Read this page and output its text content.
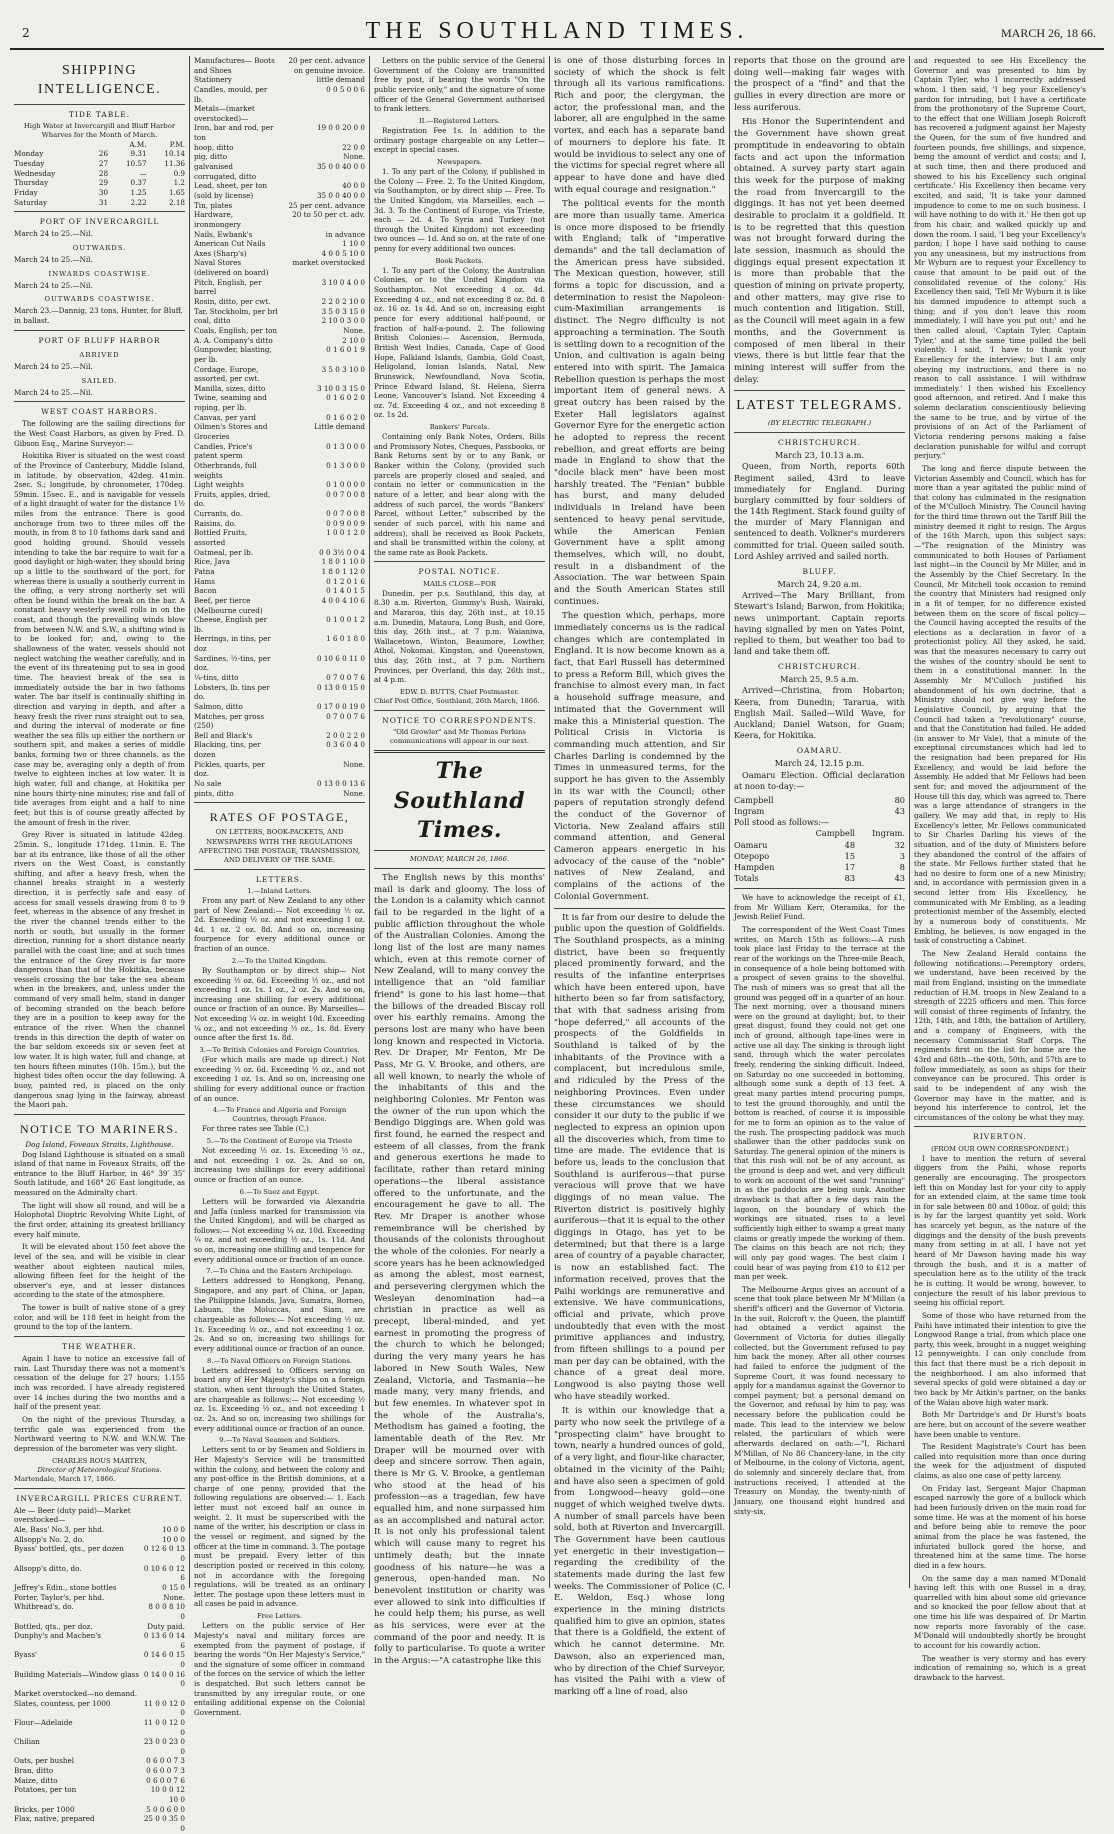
2	THE SOUTHLAND TIMES.	MARCH 26, 18 66.
SHIPPING INTELLIGENCE.
TIDE TABLE.
High Water at Invercargill and Bluff Harbor Wharves for the Month of March.
		A.M.	P.M.
Monday	26	9.31	10.14
Tuesday	27	10.57	11.36
Wednesday	28	—	0.9
Thursday	29	0.37	1.2
Friday	30	1.25	1.65
Saturday	31	2.22	2.18
PORT OF INVERCARGILL
March 24 to 25.—Nil.
OUTWARDS.
March 24 to 25.—Nil.
INWARDS COASTWISE.
March 24 to 25.—Nil.
OUTWARDS COASTWISE.
March 23.—Dannig, 23 tons, Hunter, for Bluff, in ballast.
PORT OF BLUFF HARBOR
ARRIVED
March 24 to 25.—Nil.
SAILED.
March 24 to 25.—Nil.
WEST COAST HARBORS.

The following are the sailing directions for the West Coast Harbors, as given by Fred. D. Gibson Esq., Marine Surveyor:—

Hokitika River is situated on the west coast of the Province of Canterbury, Middle Island, in latitude, by observation, 42deg. 41min. 2sec. S.; longitude, by chronometer, 170deg. 59min. 15sec. E., and is navigable for vessels of a light draught of water for the distance 1½ miles from the entrance. There is good anchorage from two to three miles off the mouth, in from 8 to 10 fathoms dark sand and good holding ground. Should vessels intending to take the bar require to wait for a good daylight or high-water, they should bring up a little to the southward of the port, for whereas there is usually a southerly current in the offing, a very strong northerly set will often be found within the break on the bar. A constant heavy westerly swell rolls in on the coast, and though the prevailing winds blow from between N.W. and S.W., a shifting wind is to be looked for; and, owing to the shallowness of the water, vessels should not neglect watching the weather carefully, and in the event of its threatening put to sea in good time. The heaviest break of the sea is immediately outside the bar in two fathoms water. The bar itself is continually shifting in direction and varying in depth, and after a heavy fresh the river runs straight out to sea, and during the interval of moderate or fine weather the sea fills up either the northern or southern spit, and makes a series of middle banks, forming two or three channels, as the case may be, averaging only a depth of from twelve to eighteen inches at low water. It is high water, full and change, at Hokitika per nine hours thirty-nine minutes; rise and fall of tide averages from eight and a half to nine feet; but this is of course greatly affected by the amount of fresh in the river.

Grey River is situated in latitude 42deg. 25min. S., longitude 171deg. 11min. E. The bar at its entrance, like those of all the other rivers on the West Coast, is constantly shifting, and after a heavy fresh, when the channel breaks straight in a westerly direction, it is perfectly safe and easy of access for small vessels drawing from 8 to 9 feet, whereas in the absence of any freshet in the river the channel trends either to the north or south, but usually in the former direction, running for a short distance nearly parallel with the coast line; and at such times the entrance of the Grey river is far more dangerous than that of the Hokitika, because vessels crossing the bar take the sea abeam when in the breakers, and, unless under the command of very small helm, stand in danger of becoming stranded on the beach before they are in a position to keep away for the entrance of the river. When the channel trends in this direction the depth of water on the bar seldom exceeds six or seven feet at low water. It is high water, full and change, at ten hours fifteen minutes (10h. 15m.), but the highest tides often occur the day following. A buoy, painted red, is placed on the only dangerous snag lying in the fairway, abreast the Maori pah.

NOTICE TO MARINERS.
Dog Island, Foveaux Straits, Lighthouse.

Dog Island Lighthouse is situated on a small island of that name in Foveaux Straits, off the entrance to the Bluff Harbor, in 46° 39′ 35″ South latitude, and 168° 26′ East longitude, as measured on the Admiralty chart.

The light will show all round, and will be a Holophotal Dioptric Revolving White Light, of the first order, attaining its greatest brilliancy every half minute.

It will be elevated about 150 feet above the level of the sea, and will be visible in clear weather about eighteen nautical miles, allowing fifteen feet for the height of the observer's eye, and at lesser distances according to the state of the atmosphere.

The tower is built of native stone of a grey color, and will be 118 feet in height from the ground to the top of the lantern.

THE WEATHER.

Again I have to notice an excessive fall of rain. Last Thursday there was not a moment's cessation of the deluge for 27 hours; 1.155 inch was recorded. I have already registered over 14 inches during the two months and a half of the present year.

On the night of the previous Thursday, a terrific gale was experienced from the Northward veering to N.W. and W.N.W. The depression of the barometer was very slight.

CHARLES ROUS MARTEN,
Director of Meteorological Stations.
Martendale, March 17, 1866.
INVERCARGILL PRICES CURRENT.
Ale — Beer (duty paid)—Market overstocked—	
Ale, Bass' No.3, per hhd.	10 0 0
Allsopp's No. 2, do.	10 0 0
Byass' bottled, qts., per dozen	0 12 6 0 13 0
Allsopp's ditto, do.	0 10 6 0 12 6
Jeffrey's Edin., stone bottles	0 15 0
Porter, Taylor's, per hhd.	None.
Whitbread's, do.	8 0 0 8 10 0
Bottled, qts., per doz.	Duty paid.
Dunphy's and Machen's	0 13 6 0 14 6
Byass'	0 14 6 0 15 0
Building Materials—Window glass	0 14 0 0 16 0
Market overstocked—no demand.	
Slates, countess, per 1000	11 0 0 12 0 0
Flour—Adelaide	11 0 0 12 0 0
Chilian	23 0 0 23 0 0
Oats, per bushel	0 6 0 0 7 3
Bran, ditto	0 6 0 0 7 3
Maize, ditto	0 6 0 0 7 6
Potatoes, per ton	10 0 0 12 10 0
Bricks, per 1000	5 0 0 6 0 0
Flax, native, prepared	25 0 0 35 0 0
Manufactures— Boots and Shoes	20 per cent. advance on genuine invoice.
Stationery	little demand
Candles, mould, per lb.	0 0 5 0 0 6
Metals—(market overstocked)—	
Iron, bar and rod, per ton	19 0 0 20 0 0
hoop, ditto	22 0 0
pig, ditto	None.
galvanised corrugated, ditto	35 0 0 40 0 0
Lead, sheet, per ton	40 0 0
(sold by license)	35 0 0 40 0 0
Tin, plates	25 per cent. advance
Hardware, ironmongery	20 to 50 per ct. adv.
Nails, Ewbank's	in advance
American Cut Nails	1 10 0
Axes (Sharp's)	4 0 0 5 10 0
Naval Stores (delivered on board)	market overstocked
Pitch, English, per barrel	3 10 0 4 0 0
Rosin, ditto, per cwt.	2 2 0 2 10 0
Tar, Stockholm, per brl	3 5 0 3 15 0
coal, ditto	2 10 0 3 0 0
Coals, English, per ton	None.
A. A. Company's ditto	2 10 0
Gunpowder, blasting, per lb.	0 1 6 0 1 9
Cordage, Europe, assorted, per cwt.	3 5 0 3 10 0
Manilla, sizes, ditto	3 10 0 3 15 0
Twine, seaming and roping, per lb.	0 1 6 0 2 0
Canvas, per yard	0 1 6 0 2 0
Oilmen's Stores and Groceries	Little demand
Candles, Price's patent sperm	0 1 3 0 0 0
Otherbrands, full weights	0 1 3 0 0 0
Light weights	0 1 0 0 0 0
Fruits, apples, dried, do.	0 0 7 0 0 8
Currants, do.	0 0 7 0 0 8
Raisins, do.	0 0 9 0 0 9
Bottled Fruits, assorted	1 0 0 1 2 0
Oatmeal, per lb.	0 0 3½ 0 0 4
Rice, Java	1 8 0 1 10 0
Patna	1 8 0 1 12 0
Hams	0 1 2 0 1 6
Bacon	0 1 4 0 1 5
Beef, per tierce (Melbourne cured)	4 0 0 4 10 6
Cheese, English per lb.	0 1 0 0 1 2
Herrings, in tins, per doz	1 6 0 1 8 0
Sardines, ½-tins, per doz.	0 10 6 0 11 0
¼-tins, ditto	0 7 0 0 7 6
Lobsters, lb. tins per do.	0 13 0 0 15 0
Salmon, ditto	0 17 0 0 19 0
Matches, per gross (250)	0 7 0 0 7 6
Bell and Black's	2 0 0 2 2 0
Blacking, tins, per dozen	0 3 6 0 4 0
Pickles, quarts, per doz.	None.
No sale	0 13 0 0 13 6
pints, ditto	None.
RATES OF POSTAGE,
ON LETTERS, BOOK-PACKETS, AND NEWSPAPERS WITH THE REGULATIONS AFFECTING THE POSTAGE, TRANSMISSION, AND DELIVERY OF THE SAME.
LETTERS.
1.—Inland Letters.

From any part of New Zealand to any other part of New Zealand:— Not exceeding ½ oz. 2d. Exceeding ½ oz. and not exceeding 1 oz. 4d. 1 oz. 2 oz. 8d. And so on, increasing fourpence for every additional ounce or fraction of an ounce.

2.—To the United Kingdom.

By Southampton or by direct ship— Not exceeding ½ oz. 6d. Exceeding ½ oz., and not exceeding 1 oz. 1s. 1 oz., 2 oz. 2s. And so on, increasing one shilling for every additional ounce or fraction of an ounce. By Marseilles— Not exceeding ¼ oz. in weight 10d. Exceeding ¼ oz., and not exceeding ½ oz., 1s. 8d. Every ounce after the first 1s. 8d.

3.—To British Colonies and Foreign Countries.

(For which mails are made up direct.) Not exceeding ½ oz. 6d. Exceeding ½ oz., and not exceeding 1 oz. 1s. And so on, increasing one shilling for every additional ounce or fraction of an ounce.

4.—To France and Algeria and Foreign Countries, through France.

For three rates see Table (C.)

5.—To the Continent of Europe via Trieste

Not exceeding ½ oz. 1s. Exceeding ½ oz., and not exceeding 1 oz. 2s. And so on, increasing two shillings for every additional ounce or fraction of an ounce.

6.—To Suez and Egypt.

Letters will be forwarded via Alexandria and Jaffa (unless marked for transmission via the United Kingdom), and will be charged as follows:— Not exceeding ¼ oz. 10d. Exceeding ¼ oz. and not exceeding ½ oz., 1s. 11d. And so on, increasing one shilling and tenpence for every additional ounce or fraction of an ounce.

7.—To China and the Eastern Archipelago.

Letters addressed to Hongkong, Penang, Singapore, and any part of China, or Japan, the Philippine Islands, Java, Sumatra, Borneo, Labuan, the Moluccas, and Siam, are chargeable as follows:— Not exceeding ½ oz. 1s. Exceeding ½ oz., and not exceeding 1 oz. 2s. And so on, increasing two shillings for every additional ounce or fraction of an ounce.

8.—To Naval Officers on Foreign Stations.

Letters addressed to Officers serving on board any of Her Majesty's ships on a foreign station, when sent through the United States, are chargeable as follows:— Not exceeding ½ oz. 1s. Exceeding ½ oz., and not exceeding 1 oz. 2s. And so on, increasing two shillings for every additional ounce or fraction of an ounce.

9.—To Naval Seamen and Soldiers.

Letters sent to or by Seamen and Soldiers in Her Majesty's Service will be transmitted within the colony, and between the colony and any post-office in the British dominions, at a charge of one penny, provided that the following regulations are observed:— 1. Each letter must not exceed half an ounce in weight. 2. It must be superscribed with the name of the writer, his description or class in the vessel or regiment, and signed by the officer at the time in command. 3. The postage must be prepaid. Every letter of this description posted or received in this colony, not in accordance with the foregoing regulations, will be treated as an ordinary letter. The postage upon these letters must in all cases be paid in advance.

Free Letters.

Letters on the public service of Her Majesty's naval and military forces are exempted from the payment of postage, if bearing the words "On Her Majesty's Service," and the signature of some officer in command of the forces on the service of which the letter is despatched. But such letters cannot be transmitted by any irregular route, or one entailing additional expense on the Colonial Government.

Letters on the public service of the General Government of the Colony are transmitted free by post, if bearing the words "On the public service only," and the signature of some officer of the General Government authorised to frank letters.

II.—Registered Letters.

Registration Fee 1s. In addition to the ordinary postage chargeable on any Letter—except in special cases.

Newspapers.

1. To any part of the Colony, if published in the Colony — Free. 2. To the United Kingdom, via Southampton, or by direct ship — Free. To the United Kingdom, via Marseilles, each — 3d. 3. To the Continent of Europe, via Trieste, each — 2d. 4. To Syria and Turkey (not through the United Kingdom) not exceeding two ounces — 1d. And so on, at the rate of one penny for every additional two ounces.

Book Packets.

1. To any part of the Colony, the Australian Colonies, or to the United Kingdom via Southampton. Not exceeding 4 oz. 4d. Exceeding 4 oz., and not exceeding 8 oz. 8d. 8 oz. 16 oz. 1s 4d. And so on, increasing eight pence for every additional half-pound, or fraction of half-a-pound. 2. The following British Colonies:— Ascension, Bermuda, British West Indies, Canada, Cape of Good Hope, Falkland Islands, Gambia, Gold Coast, Heligoland, Ionian Islands, Natal, New Brunswick, Newfoundland, Nova Scotia, Prince Edward Island, St. Helena, Sierra Leone, Vancouver's Island. Not Exceeding 4 oz. 7d. Exceeding 4 oz., and not exceeding 8 oz. 1s 2d.

Bankers' Parcels.

Containing only Bank Notes, Orders, Bills and Promissory Notes, Cheques, Passbooks, or Bank Returns sent by or to any Bank, or Banker within the Colony, (provided such parcels are properly closed and sealed, and contain no letter or communication in the nature of a letter, and bear along with the address of such parcel, the words "Bankers' Parcel, without Letter," subscribed by the sender of such parcel, with his name and address), shall be received as Book Packets, and shall be transmitted within the colony, at the same rate as Book Packets.

POSTAL NOTICE.
MAILS CLOSE—FOR

Dunedin, per p.s. Southland, this day, at 8.30 a.m. Riverton, Gummy's Bush, Wairaki, and Mararoa, this day, 26th inst., at 10.15 a.m. Dunedin, Mataura, Long Bush, and Gore, this day, 26th inst., at 7 p.m. Waianiwa, Wallacetown, Winton, Beaumore, Lowther, Athol, Nokomai, Kingston, and Queenstown, this day, 26th inst., at 7 p.m. Northern Provinces, per Overland, this day, 26th inst., at 4 p.m.

EDW. D. BUTTS, Chief Postmaster.
Chief Post Office, Southland, 26th March, 1866.
NOTICE TO CORRESPONDENTS.
"Old Growler" and Mr Thomas Perkins communications will appear in our next.
The Southland Times.
MONDAY, MARCH 26, 1866.

The English news by this months' mail is dark and gloomy. The loss of the London is a calamity which cannot fail to be regarded in the light of a public affliction throughout the whole of the Australian Colonies. Among the long list of the lost are many names which, even at this remote corner of New Zealand, will to many convey the intelligence that an "old familiar friend" is gone to his last home—that the billows of the dreaded Biscay roll over his earthly remains. Among the persons lost are many who have been long known and respected in Victoria. Rev. Dr Draper, Mr Fenton, Mr De Pass, Mr G. V. Brooke, and others, are all well known, to nearly the whole of the inhabitants of this and the neighboring Colonies. Mr Fenton was the owner of the run upon which the Bendigo Diggings are. When gold was first found, he earned the respect and esteem of all classes, from the frank and generous exertions he made to facilitate, rather than retard mining operations—the liberal assistance offered to the unfortunate, and the encouragement he gave to all. The Rev. Mr Draper is another whose remembrance will be cherished by thousands of the colonists throughout the whole of the colonies. For nearly a score years has he been acknowledged as among the ablest, most earnest, and persevering clergymen which the Wesleyan denomination had—a christian in practice as well as precept, liberal-minded, and yet earnest in promoting the progress of the church to which he belonged; during the very many years he has labored in New South Wales, New Zealand, Victoria, and Tasmania—he made many, very many friends, and but few enemies. In whatever spot in the whole of the Australia's, Methodism has gained a footing, the lamentable death of the Rev. Mr Draper will be mourned over with deep and sincere sorrow. Then again, there is Mr G. V. Brooke, a gentleman who stood at the head of his profession—as a tragedian, few have equalled him, and none surpassed him as an accomplished and natural actor. It is not only his professional talent which will cause many to regret his untimely death; but the innate goodness of his nature—he was a generous, open-handed man. No benevolent institution or charity was ever allowed to sink into difficulties if he could help them; his purse, as well as his services, were ever at the command of the poor and needy. It is folly to particularise. To quote a writer in the Argus:—"A catastrophe like this

is one of those disturbing forces in society of which the shock is felt through all its various ramifications. Rich and poor, the clergyman, the actor, the professional man, and the laborer, all are engulphed in the same vortex, and each has a separate band of mourners to deplore his fate. It would be invidious to select any one of the victims for special regret where all appear to have done and have died with equal courage and resignation."

The political events for the month are more than usually tame. America is once more disposed to be friendly with England; talk of "imperative demands" and the tall declamation of the American press have subsided. The Mexican question, however, still forms a topic for discussion, and a determination to resist the Napoleon-cum-Maximilian arrangements is distinct. The Negro difficulty is not approaching a termination. The South is settling down to a recognition of the Union, and cultivation is again being entered into with spirit. The Jamaica Rebellion question is perhaps the most important item of general news. A great outcry has been raised by the Exeter Hall legislators against Governor Eyre for the energetic action he adopted to repress the recent rebellion, and great efforts are being made in England to show that the "docile black men" have been most harshly treated. The "Fenian" bubble has burst, and many deluded individuals in Ireland have been sentenced to heavy penal servitude, while the American Fenian Government have a split among themselves, which will, no doubt, result in a disbandment of the Association. The war between Spain and the South American States still continues.

The question which, perhaps, more immediately concerns us is the radical changes which are contemplated in England. It is now become known as a fact, that Earl Russell has determined to press a Reform Bill, which gives the franchise to almost every man, in fact a household suffrage measure, and intimated that the Government will make this a Ministerial question. The Political Crisis in Victoria is commanding much attention, and Sir Charles Darling is condemned by the Times in unmeasured terms, for the support he has given to the Assembly in its war with the Council; other papers of reputation strongly defend the conduct of the Governor of Victoria. New Zealand affairs still command attention, and General Cameron appears energetic in his advocacy of the cause of the "noble" natives of New Zealand, and complains of the actions of the Colonial Government.

It is far from our desire to delude the public upon the question of Goldfields. The Southland prospects, as a mining district, have been so frequently placed prominently forward, and the results of the infantine enterprises which have been entered upon, have hitherto been so far from satisfactory, that with that sadness arising from "hope deferred," all accounts of the prospects of the Goldfields in Southland is talked of by the inhabitants of the Province with a complacent, but incredulous smile, and ridiculed by the Press of the neighboring Provinces. Even under these circumstances we should consider it our duty to the public if we neglected to express an opinion upon all the discoveries which, from time to time are made. The evidence that is before us, leads to the conclusion that Southland is auriferous—that purse veracious will prove that we have diggings of no mean value. The Riverton district is positively highly auriferous—that it is equal to the other diggings in Otago, has yet to be determined; but that there is a large area of country of a payable character, is now an established fact. The information received, proves that the Paihi workings are remunerative and extensive. We have communications, official and private, which prove undoubtedly that even with the most primitive appliances and industry, from fifteen shillings to a pound per man per day can be obtained, with the chance of a great deal more. Longwood is also paying those well who have steadily worked.

It is within our knowledge that a party who now seek the privilege of a "prospecting claim" have brought to town, nearly a hundred ounces of gold, of a very light, and flour-like character, obtained in the vicinity of the Paihi; and have also seen a specimen of gold from Longwood—heavy gold—one nugget of which weighed twelve dwts. A number of small parcels have been sold, both at Riverton and Invercargill. The Government have been cautious yet energetic in their investigation—regarding the credibility of the statements made during the last few weeks. The Commissioner of Police (C. E. Weldon, Esq.) whose long experience in the mining districts qualified him to give an opinion, states that there is a Goldfield, the extent of which he cannot determine. Mr. Dawson, also an experienced man, who by direction of the Chief Surveyor, has visited the Paihi with a view of marking off a line of road, also

reports that those on the ground are doing well—making fair wages with the prospect of a "find" and that the gullies in every direction are more or less auriferous.

His Honor the Superintendent and the Government have shown great promptitude in endeavoring to obtain facts and act upon the information obtained. A survey party start again this week for the purpose of making the road from Invercargill to the diggings. It has not yet been deemed desirable to proclaim it a goldfield. It is to be regretted that this question was not brought forward during the late session, inasmuch as should the diggings equal present expectation it is more than probable that the question of mining on private property, and other matters, may give rise to much contention and litigation. Still, as the Council will meet again in a few months, and the Government is composed of men liberal in their views, there is but little fear that the mining interest will suffer from the delay.

LATEST TELEGRAMS.
(BY ELECTRIC TELEGRAPH.)
CHRISTCHURCH.
March 23, 10.13 a.m.

Queen, from North, reports 60th Regiment sailed, 43rd to leave immediately for England. During burglary committed by four soldiers of the 14th Regiment. Stack found guilty of the murder of Mary Flannigan and sentenced to death. Volkner's murderers committed for trial. Queen sailed south. Lord Ashley arrived and sailed north.

BLUFF.
March 24, 9.20 a.m.

Arrived—The Mary Brilliant, from Stewart's Island; Barwon, from Hokitika; news unimportant. Captain reports having signalled by men on Yates Point, replied to them, but weather too bad to land and take them off.

CHRISTCHURCH.
March 25, 9.5 a.m.

Arrived—Christina, from Hobarton; Keera, from Dunedin; Tararua, with English Mail. Sailed—Wild Wave, for Auckland; Daniel Watson, for Guam; Keera, for Hokitika.

OAMARU.
March 24, 12.15 p.m.

Oamaru Election. Official declaration at noon to-day:—

Campbell	80
Ingram	43
Poll stood as follows:—
	Campbell	Ingram.
Oamaru	48	32
Otepopo	15	3
Hampden	17	8
Totals	83	43

We have to acknowledge the receipt of £1, from Mr William Kerr, Oteramika, for the Jewish Relief Fund.

The correspondent of the West Coast Times writes, on March 15th as follows:—A rush took place last Friday to the terrace at the rear of the workings on the Three-mile Beach, in consequence of a hole being bottomed with a prospect of seven grains to the shovelful. The rush of miners was so great that all the ground was pegged off in a quarter of an hour. The next morning, over a thousand miners were on the ground at daylight; but, to their great disgust, found they could not get one inch of ground, although tape-lines were in active use all day. The sinking is through light sand, through which the water percolates freely, rendering the sinking difficult. Indeed, on Saturday no one succeeded in bottoming, although some sunk a depth of 13 feet. A great many parties intend procuring pumps, to test the ground thoroughly, and until the bottom is reached, of course it is impossible for me to form an opinion as to the value of the rush. The prospecting paddock was much shallower than the other paddocks sunk on Saturday. The general opinion of the miners is that this rush will not be of any account, as the ground is deep and wet, and very difficult to work on account of the wet sand "running" in as the paddocks are being sunk. Another drawback is that after a few days rain the lagoon, on the boundary of which the workings are situated, rises to a level sufficiently high either to swamp a great many claims or greatly impede the working of them. The claims on this beach are not rich; they will only pay good wages. The best claim I could hear of was paying from £10 to £12 per man per week.

The Melbourne Argus gives an account of a scene that took place between Mr M'Millan (a sheriff's officer) and the Governor of Victoria. In the suit, Rolcroft v. the Queen, the plaintiff had obtained a verdict against the Government of Victoria for duties illegally collected, but the Government refused to pay him back the money. After all other courses had failed to enforce the judgment of the Supreme Court, it was found necessary to apply for a mandamus against the Governor to compel payment; but a personal demand on the Governor, and refusal by him to pay, was necessary before the publication could be made. This lead to the interview we below related, the particulars of which were afterwards declared on oath:—"I, Richard M'Millan, of No 86 Chancery-lane, in the city of Melbourne, in the colony of Victoria, agent, do solemnly and sincerely declare that, from instructions received, I attended at the Treasury on Monday, the twenty-ninth of January, one thousand eight hundred and sixty-six,

and requested to see His Excellency the Governor and was presented to him by Captain Tyler, who I incorrectly addressed whom. I then said, 'I beg your Excellency's pardon for intruding, but I have a certificate from the prothonotary of the Supreme Court, to the effect that one William Joseph Rolcroft has recovered a judgment against her Majesty the Queen, for the sum of five hundred and fourteen pounds, five shillings, and sixpence, being the amount of verdict and costs; and I, at such time, then and there produced and showed to his his Excellency such original certificate.' His Excellency then became very excited, and said, 'It is take your damned impudence to come to me on such business. I will have nothing to do with it.' He then got up from his chair, and walked quickly up and down the room. I said, 'I beg your Excellency's pardon; I hope I have said nothing to cause you any uneasiness, but my instructions from Mr Wyburn are to request your Excellency to cause that amount to be paid out of the consolidated revenue of the colony.' His Excellency then said, 'Tell Mr Wyburn it is like his damned impudence to attempt such a thing; and if you don't leave this room immediately, I will have you put out;' and he then called aloud, 'Captain Tyler, Captain Tyler,' and at the same time pulled the bell violently. I said, 'I have to thank your Excellency for the interview; but I am only obeying my instructions, and there is no reason to call assistance. I will withdraw immediately.' I then wished his Excellency good afternoon, and retired. And I make this solemn declaration conscientiously believing the same to be true, and by virtue of the provisions of an Act of the Parliament of Victoria rendering persons making a false declaration punishable for wilful and corrupt perjury."

The long and fierce dispute between the Victorian Assembly and Council, which has for more than a year agitated the public mind of that colony has culminated in the resignation of the M'Culloch Ministry. The Council having for the third time thrown out the Tariff Bill the ministry deemed it right to resign. The Argus of the 16th March, upon this subject says:—"The resignation of the Ministry was communicated to both Houses of Parliament last night—in the Council by Mr Miller, and in the Assembly by the Chief Secretary. In the Council, Mr Mitchell took occasion to remind the country that Ministers had resigned only in a fit of temper, for no difference existed between them on the score of fiscal policy—the Council having accepted the results of the elections as a declaration in favor of a protectionist policy. All they asked, he said, was that the measures necessary to carry out the wishes of the country should be sent to them in a constitutional manner. In the Assembly Mr M'Culloch justified his abandonment of his own doctrine, that a Ministry should not give way before the Legislative Council, by arguing that the Council had taken a "revolutionary" course, and that the Constitution had failed. He added (in answer to Mr Vale), that a minute of the exceptional circumstances which had led to the resignation had been prepared for His Excellency, and would be laid before the Assembly. He added that Mr Fellows had been sent for; and moved the adjournment of the House till this day, which was agreed to. There was a large attendance of strangers in the gallery. We may add that, in reply to His Excellency's letter, Mr Fellows communicated to Sir Charles Darling his views of the situation, and of the duty of Ministers before they abandoned the control of the affairs of the state. Mr Fellows further stated that he had no desire to form one of a new Ministry; and, in accordance with permission given in a second letter from His Excellency, he communicated with Mr Embling, as a leading protectionist member of the Assembly, elected by a numerous body of constituents. Mr Embling, he believes, is now engaged in the task of constructing a Cabinet.

The New Zealand Herald contains the following notifications:—Peremptory orders, we understand, have been received by the mail from England, insisting on the immediate reduction of H.M. troops in New Zealand to a strength of 2225 officers and men. This force will consist of three regiments of Infantry, the 12th, 14th, and 18th, the battalion of Artillery, and a company of Engineers, with the necessary Commissariat Staff Corps. The regiments first on the list for home are the 43rd and 68th—the 40th, 50th, and 57th are to follow immediately, as soon as ships for their conveyance can be procured. This order is said to be independent of any wish the Governor may have in the matter, and is beyond his interference to control, let the circumstances of the colony be what they may.

RIVERTON.
(FROM OUR OWN CORRESPONDENT.)

I have to mention the return of several diggers from the Paihi, whose reports generally are encouraging. The prospectors left this on Monday last for your city to apply for an extended claim, at the same time took in for sale between 80 and 100oz. of gold; this is by far the largest quantity yet sold. Work has scarcely yet begun, as the nature of the diggings and the density of the bush prevents many from setting in at all. I have not yet heard of Mr Dawson having made his way through the bush, and it is a matter of speculation here as to the utility of the track he is cutting. It would be wrong, however, to conjecture the result of his labor previous to seeing his official report.

Some of those who have returned from the Paihi have intimated their intention to give the Longwood Range a trial, from which place one party, this week, brought in a nugget weighing 12 pennyweights. I can only conclude from this fact that there must be a rich deposit in the neighborhood. I am also informed that several specks of gold were obtained a day or two back by Mr Aitkin's partner, on the banks of the Waiau above high water mark.

Both Mr Dartridge's and Dr Hurst's boats are here, but on account of the severe weather have been unable to venture.

The Resident Magistrate's Court has been called into requisition more than once during the week for the adjustment of disputed claims, as also one case of petty larceny.

On Friday last, Sergeant Major Chapman escaped narrowly the gore of a bullock which had been furiously driven on the main road for some time. He was at the moment of his horse and before being able to remove the poor animal from the place he was fastened, the infuriated bullock gored the horse, and threatened him at the same time. The horse died in a few hours.

On the same day a man named M'Donald having left this with one Russel in a dray, quarrelled with him about some old grievance and so knocked the poor fellow about that at one time his life was despaired of. Dr Martin now reports more favorably of the case. M'Donald will undoubtedly shortly be brought to account for his cowardly action.

The weather is very stormy and has every indication of remaining so, which is a great drawback to the harvest.
